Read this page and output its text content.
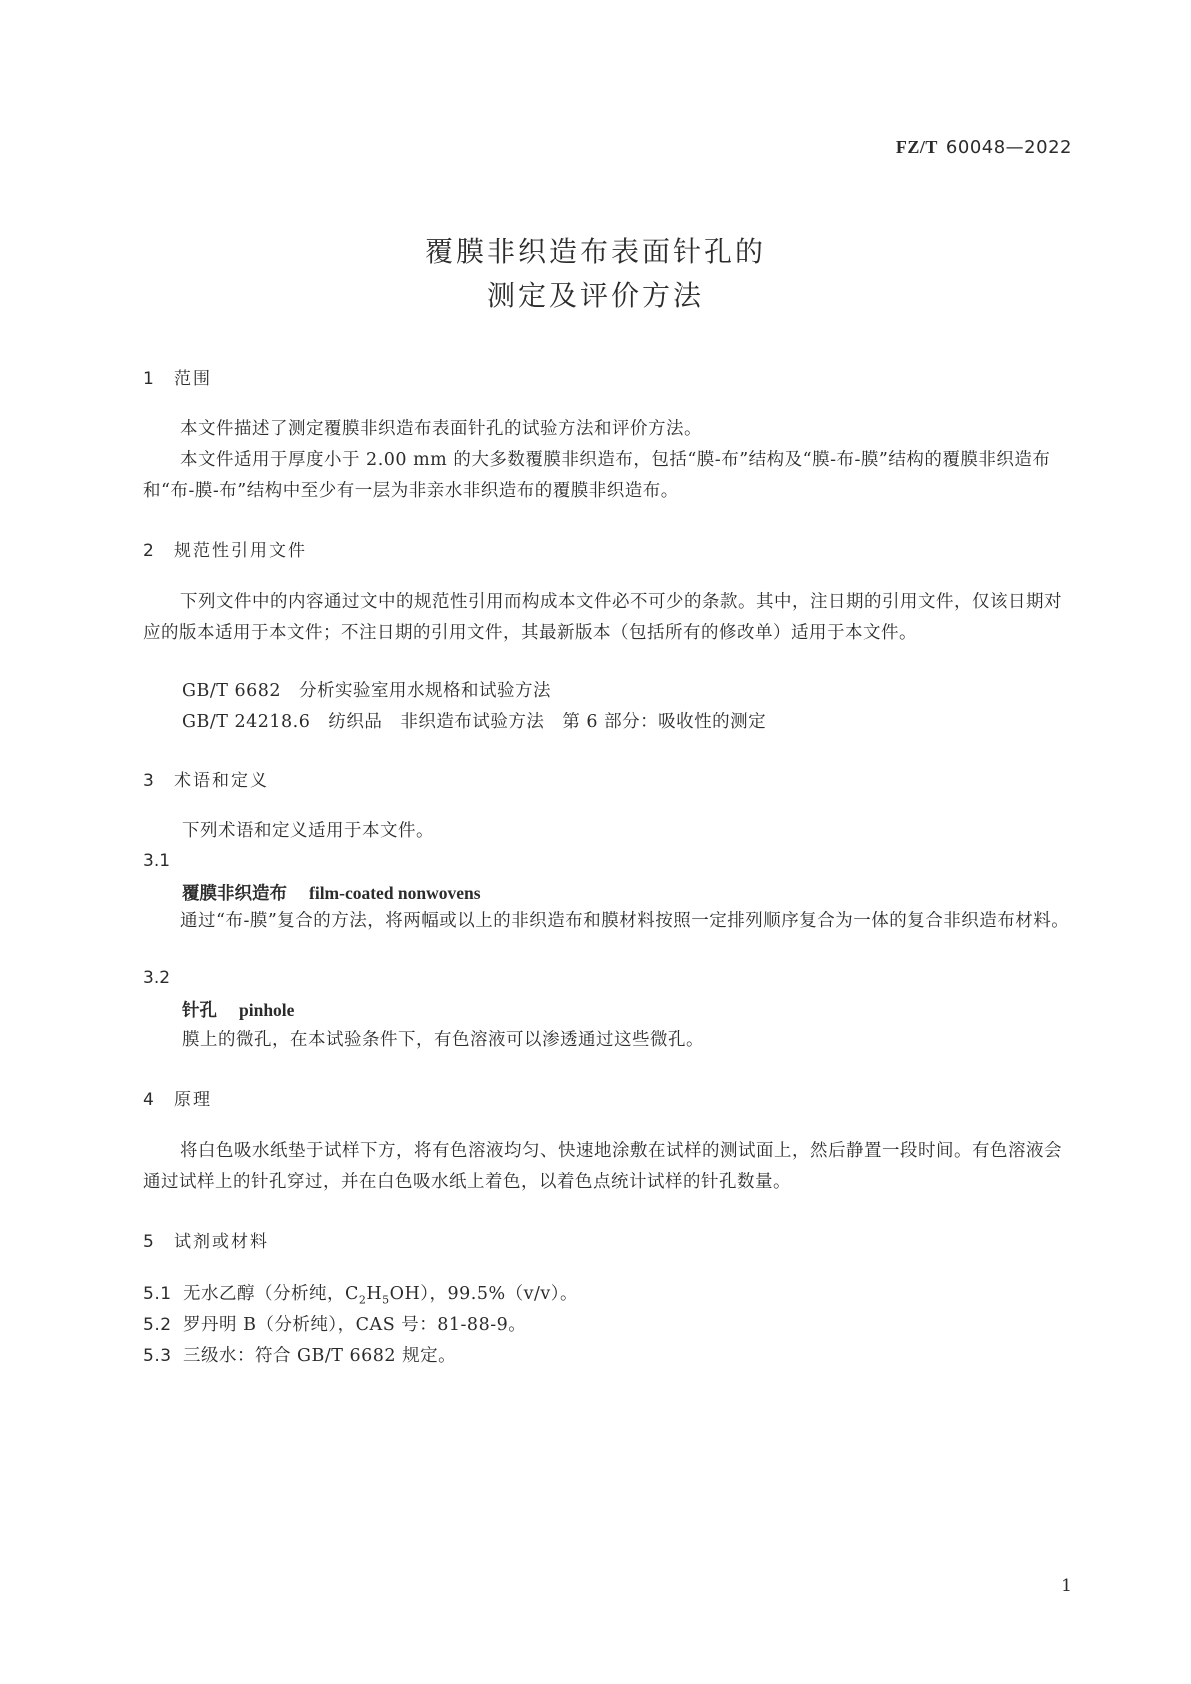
FZ/T 60048—2022
覆膜非织造布表面针孔的
测定及评价方法
1 范围

本文件描述了测定覆膜非织造布表面针孔的试验方法和评价方法。

本文件适用于厚度小于 2.00 mm 的大多数覆膜非织造布，包括“膜-布”结构及“膜-布-膜”结构的覆膜非织造布和“布-膜-布”结构中至少有一层为非亲水非织造布的覆膜非织造布。

2 规范性引用文件

下列文件中的内容通过文中的规范性引用而构成本文件必不可少的条款。其中，注日期的引用文件，仅该日期对应的版本适用于本文件；不注日期的引用文件，其最新版本（包括所有的修改单）适用于本文件。

GB/T 6682　分析实验室用水规格和试验方法
GB/T 24218.6　纺织品　非织造布试验方法　第 6 部分：吸收性的测定
3 术语和定义
下列术语和定义适用于本文件。
3.1
覆膜非织造布 film-coated nonwovens

通过“布-膜”复合的方法，将两幅或以上的非织造布和膜材料按照一定排列顺序复合为一体的复合非织造布材料。

3.2
针孔 pinhole
膜上的微孔，在本试验条件下，有色溶液可以渗透通过这些微孔。
4 原理

将白色吸水纸垫于试样下方，将有色溶液均匀、快速地涂敷在试样的测试面上，然后静置一段时间。有色溶液会通过试样上的针孔穿过，并在白色吸水纸上着色，以着色点统计试样的针孔数量。

5 试剂或材料
5.1 无水乙醇（分析纯，$C_2H_5OH$），99.5%（v/v）。
5.2 罗丹明 B（分析纯），CAS 号：81-88-9。
5.3 三级水：符合 GB/T 6682 规定。
1
